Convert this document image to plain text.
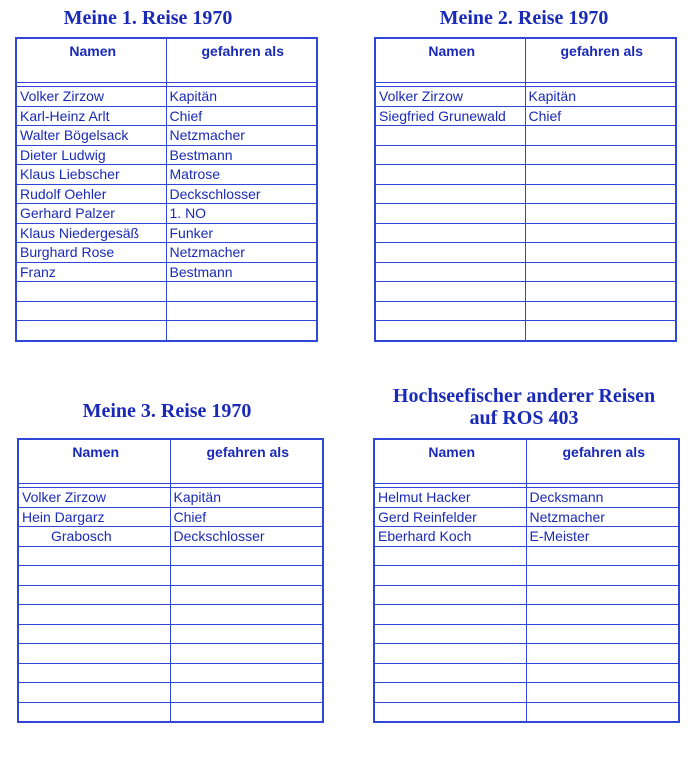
Meine 1. Reise 1970
Namen	gefahren als

Volker Zirzow	Kapitän
Karl-Heinz Arlt	Chief
Walter Bögelsack	Netzmacher
Dieter Ludwig	Bestmann
Klaus Liebscher	Matrose
Rudolf Oehler	Deckschlosser
Gerhard Palzer	1. NO
Klaus Niedergesäß	Funker
Burghard Rose	Netzmacher
Franz	Bestmann

Meine 2. Reise 1970
Namen	gefahren als

Volker Zirzow	Kapitän
Siegfried Grunewald	Chief

Meine 3. Reise 1970
Namen	gefahren als

Volker Zirzow	Kapitän
Hein Dargarz	Chief
Grabosch	Deckschlosser

Hochseefischer anderer Reisen
auf ROS 403
Namen	gefahren als

Helmut Hacker	Decksmann
Gerd Reinfelder	Netzmacher
Eberhard Koch	E-Meister
